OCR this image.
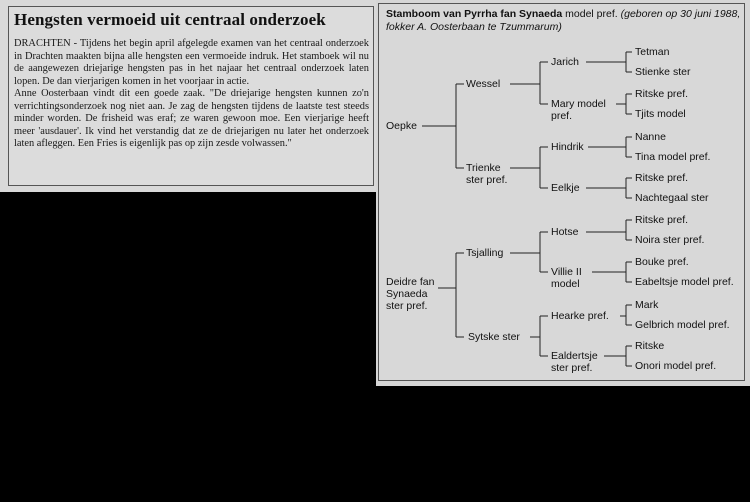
Hengsten vermoeid uit centraal onderzoek

DRACHTEN - Tijdens het begin april afgelegde examen van het centraal onderzoek in Drachten maakten bijna alle hengsten een vermoeide indruk. Het stamboek wil nu de aangewezen driejarige hengsten pas in het najaar het centraal onderzoek laten lopen. De dan vierjarigen komen in het voorjaar in actie.

Anne Oosterbaan vindt dit een goede zaak. "De driejarige hengsten kunnen zo'n verrichtingsonderzoek nog niet aan. Je zag de hengsten tijdens de laatste test steeds minder worden. De frisheid was eraf; ze waren gewoon moe. Een vierjarige heeft meer 'ausdauer'. Ik vind het verstandig dat ze de driejarigen nu later het onderzoek laten afleggen. Een Fries is eigenlijk pas op zijn zesde volwassen."

Stamboom van Pyrrha fan Synaeda model pref. (geboren op 30 juni 1988, fokker A. Oosterbaan te Tzummarum)
Oepke
Deidre fan Synaeda ster pref.
Wessel
Trienke ster pref.
Tsjalling
Sytske ster
Jarich
Mary model pref.
Hindrik
Eelkje
Hotse
Villie II model
Hearke pref.
Ealdertsje ster pref.
Tetman
Stienke ster
Ritske pref.
Tjits model
Nanne
Tina model pref.
Ritske pref.
Nachtegaal ster
Ritske pref.
Noira ster pref.
Bouke pref.
Eabeltsje model pref.
Mark
Gelbrich model pref.
Ritske
Onori model pref.
